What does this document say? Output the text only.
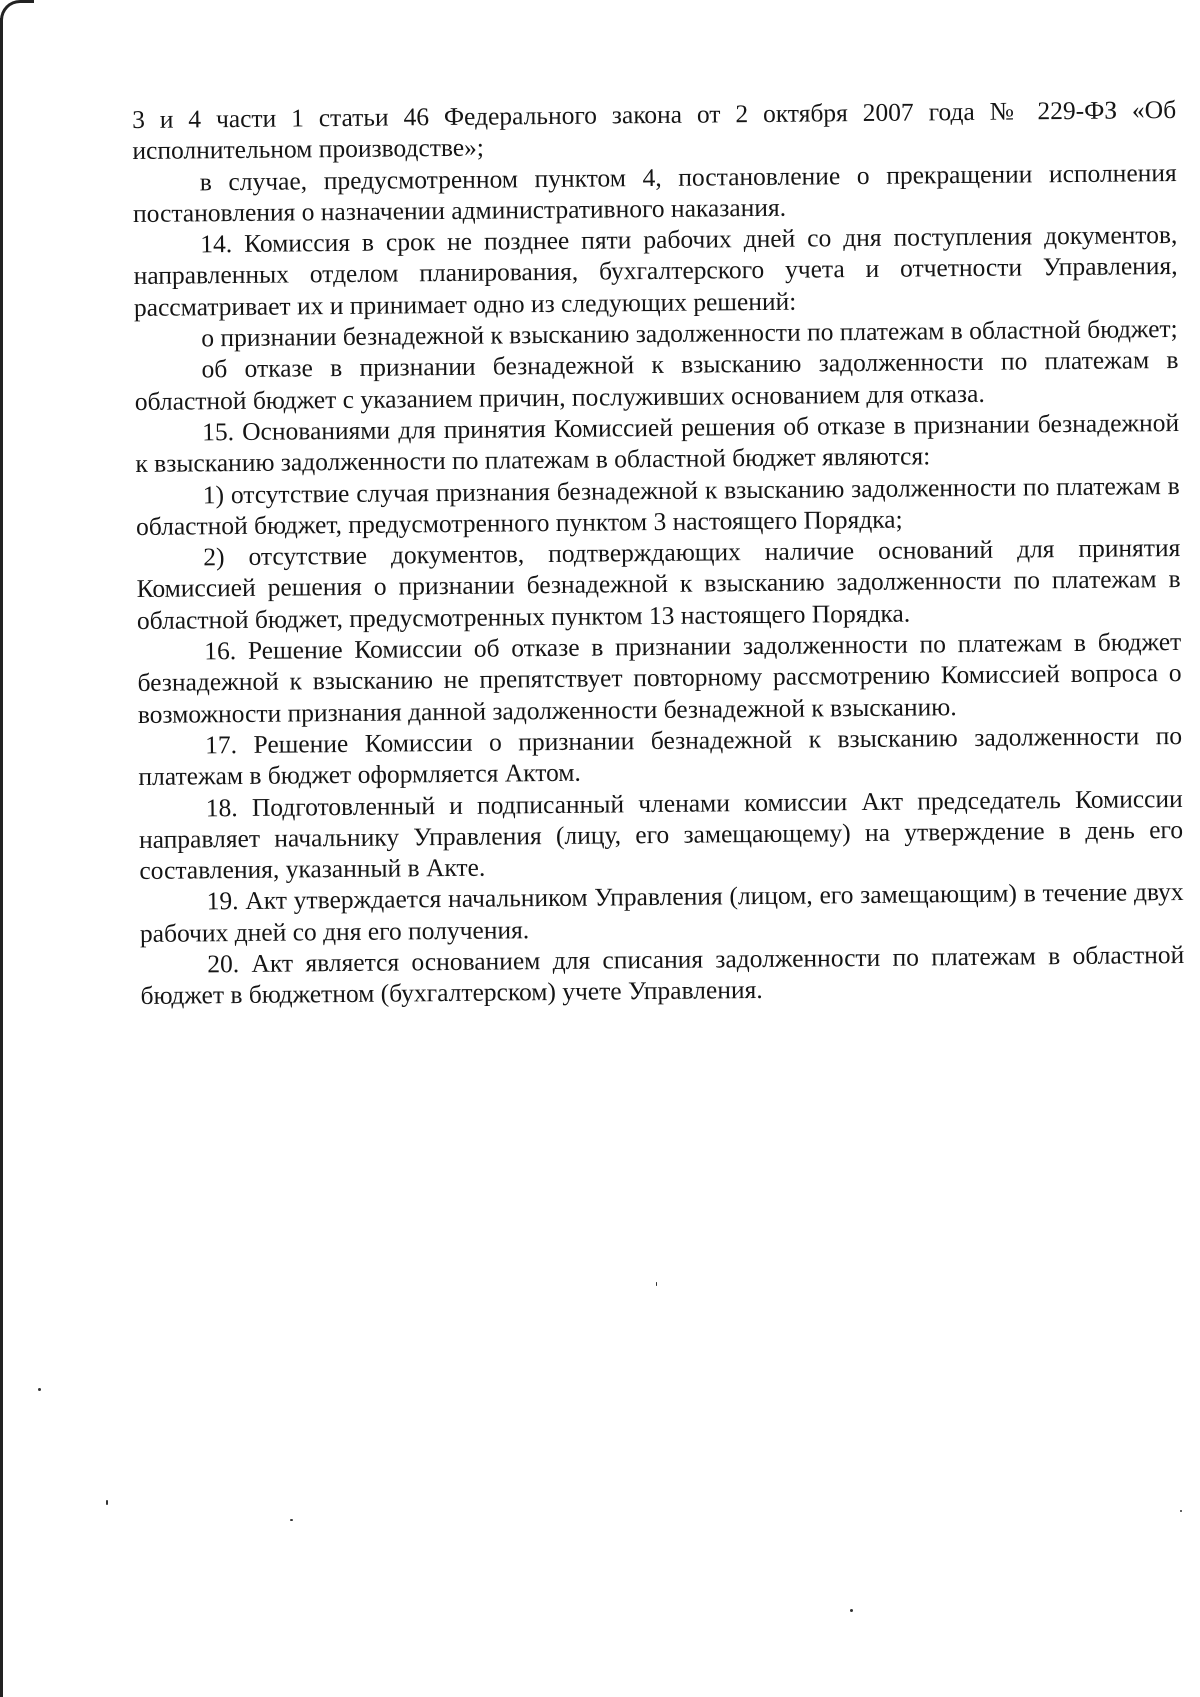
3 и 4 части 1 статьи 46 Федерального закона от 2 октября 2007 года № 229-ФЗ «Об исполнительном производстве»;

в случае, предусмотренном пунктом 4, постановление о прекращении исполнения постановления о назначении административного наказания.

14. Комиссия в срок не позднее пяти рабочих дней со дня поступления документов, направленных отделом планирования, бухгалтерского учета и отчетности Управления, рассматривает их и принимает одно из следующих решений:

о признании безнадежной к взысканию задолженности по платежам в областной бюджет;

об отказе в признании безнадежной к взысканию задолженности по платежам в областной бюджет с указанием причин, послуживших основанием для отказа.

15. Основаниями для принятия Комиссией решения об отказе в признании безнадежной к взысканию задолженности по платежам в областной бюджет являются:

1) отсутствие случая признания безнадежной к взысканию задолженности по платежам в областной бюджет, предусмотренного пунктом 3 настоящего Порядка;

2) отсутствие документов, подтверждающих наличие оснований для принятия Комиссией решения о признании безнадежной к взысканию задолженности по платежам в областной бюджет, предусмотренных пунктом 13 настоящего Порядка.

16. Решение Комиссии об отказе в признании задолженности по платежам в бюджет безнадежной к взысканию не препятствует повторному рассмотрению Комиссией вопроса о возможности признания данной задолженности безнадежной к взысканию.

17. Решение Комиссии о признании безнадежной к взысканию задолженности по платежам в бюджет оформляется Актом.

18. Подготовленный и подписанный членами комиссии Акт председатель Комиссии направляет начальнику Управления (лицу, его замещающему) на утверждение в день его составления, указанный в Акте.

19. Акт утверждается начальником Управления (лицом, его замещающим) в течение двух рабочих дней со дня его получения.

20. Акт является основанием для списания задолженности по платежам в областной бюджет в бюджетном (бухгалтерском) учете Управления.
